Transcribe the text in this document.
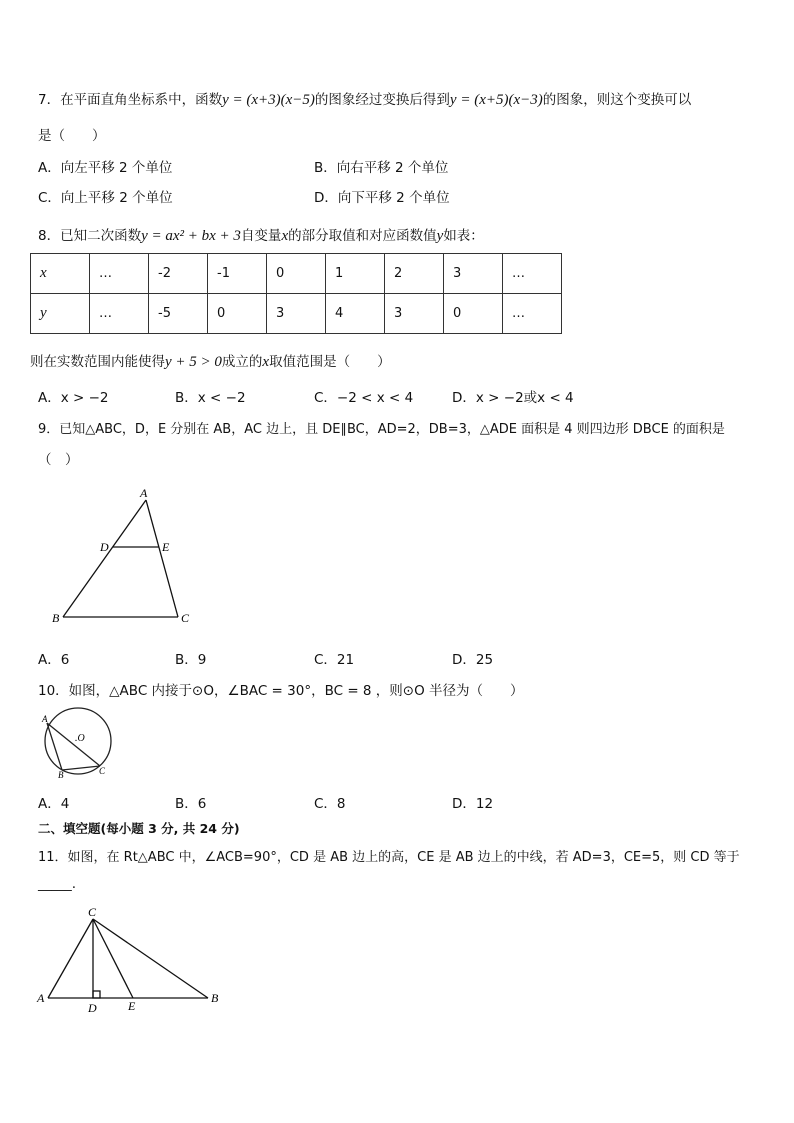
7．在平面直角坐标系中，函数y = (x+3)(x−5)的图象经过变换后得到y = (x+5)(x−3)的图象，则这个变换可以
是（　　）
A．向左平移 2 个单位	B．向右平移 2 个单位
C．向上平移 2 个单位	D．向下平移 2 个单位
8．已知二次函数y = ax² + bx + 3自变量x的部分取值和对应函数值y如表：
x	…	-2	-1	0	1	2	3	…
y	…	-5	0	3	4	3	0	…
则在实数范围内能使得y + 5 > 0成立的x取值范围是（　　）
A．x > −2	B．x < −2	C．−2 < x < 4	D．x > −2或x < 4
9．已知△ABC，D，E 分别在 AB，AC 边上，且 DE∥BC，AD=2，DB=3，△ADE 面积是 4 则四边形 DBCE 的面积是
（　）
A
D	E
B	C
A．6	B．9	C．21	D．25
10．如图，△ABC 内接于⊙O，∠BAC = 30°，BC = 8 ，则⊙O 半径为（　　）
A
.O
B	C
A．4	B．6	C．8	D．12
二、填空题(每小题 3 分, 共 24 分)
11．如图，在 Rt△ABC 中，∠ACB=90°，CD 是 AB 边上的高，CE 是 AB 边上的中线，若 AD=3，CE=5，则 CD 等于
_____.
C
A
D	E
B
